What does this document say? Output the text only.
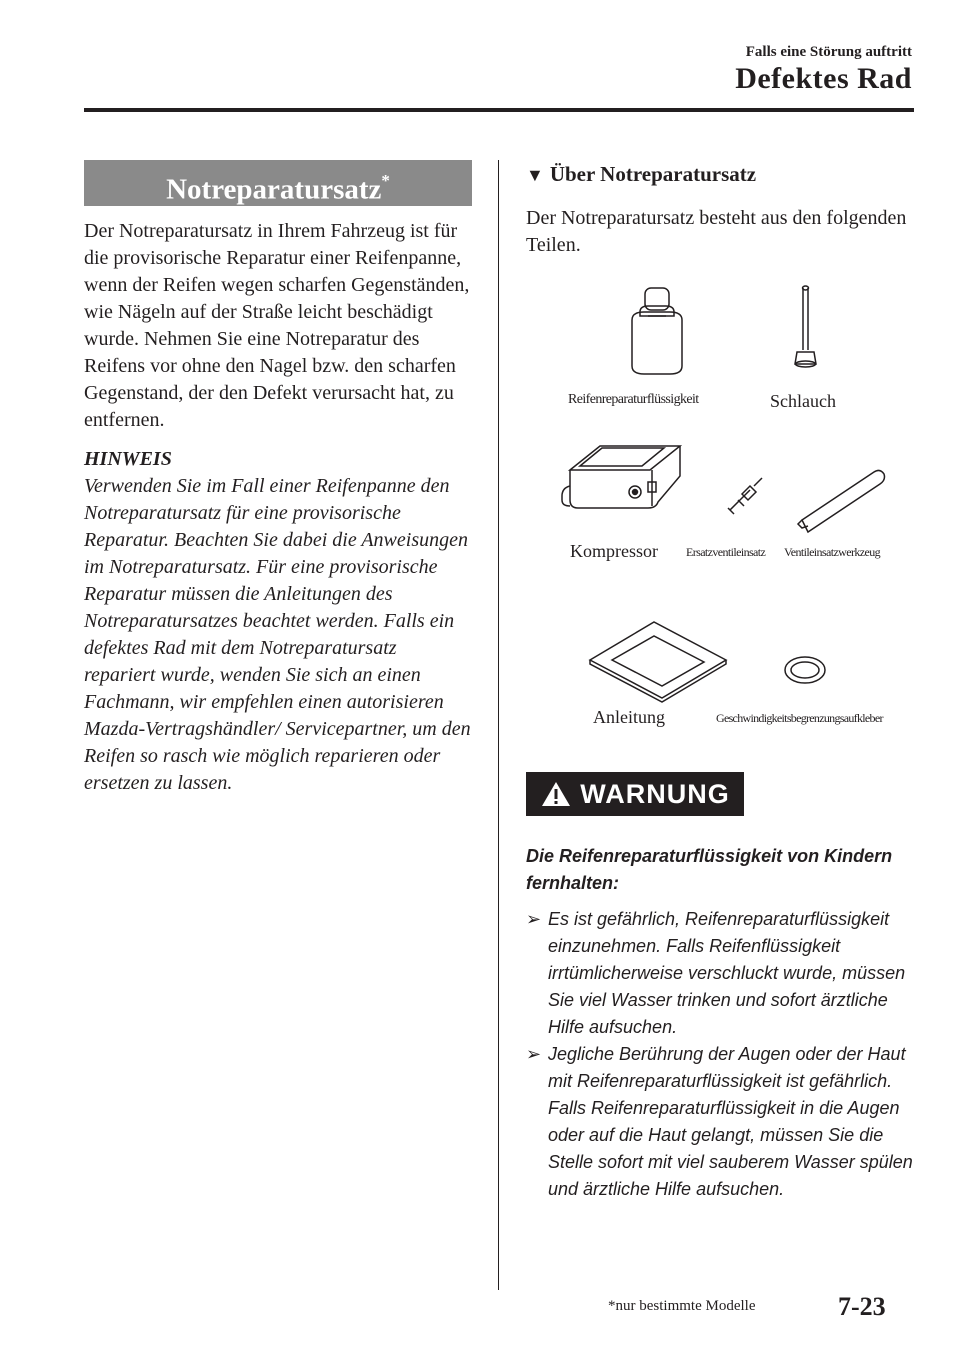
Falls eine Störung auftritt
Defektes Rad
Notreparatursatz*

Der Notreparatursatz in Ihrem Fahrzeug ist für die provisorische Reparatur einer Reifenpanne, wenn der Reifen wegen scharfen Gegenständen, wie Nägeln auf der Straße leicht beschädigt wurde. Nehmen Sie eine Notreparatur des Reifens vor ohne den Nagel bzw. den scharfen Gegenstand, der den Defekt verursacht hat, zu entfernen.

HINWEIS
Verwenden Sie im Fall einer Reifenpanne den Notreparatursatz für eine provisorische Reparatur. Beachten Sie dabei die Anweisungen im Notreparatursatz. Für eine provisorische Reparatur müssen die Anleitungen des Notreparatursatzes beachtet werden. Falls ein defektes Rad mit dem Notreparatursatz repariert wurde, wenden Sie sich an einen Fachmann, wir empfehlen einen autorisieren Mazda-Vertragshändler/ Servicepartner, um den Reifen so rasch wie möglich reparieren oder ersetzen zu lassen.
▼ Über Notreparatursatz

Der Notreparatursatz besteht aus den folgenden Teilen.

Reifenreparaturflüssigkeit	Schlauch
Kompressor Ersatzventileinsatz Ventileinsatzwerkzeug
Anleitung	Geschwindigkeitsbegrenzungsaufkleber
WARNUNG
Die Reifenreparaturflüssigkeit von Kindern fernhalten:
➢ Es ist gefährlich, Reifenreparaturflüssigkeit einzunehmen. Falls Reifenflüssigkeit irrtümlicherweise verschluckt wurde, müssen Sie viel Wasser trinken und sofort ärztliche Hilfe aufsuchen.
➢ Jegliche Berührung der Augen oder der Haut mit Reifenreparaturflüssigkeit ist gefährlich. Falls Reifenreparaturflüssigkeit in die Augen oder auf die Haut gelangt, müssen Sie die Stelle sofort mit viel sauberem Wasser spülen und ärztliche Hilfe aufsuchen.
*nur bestimmte Modelle	7-23
